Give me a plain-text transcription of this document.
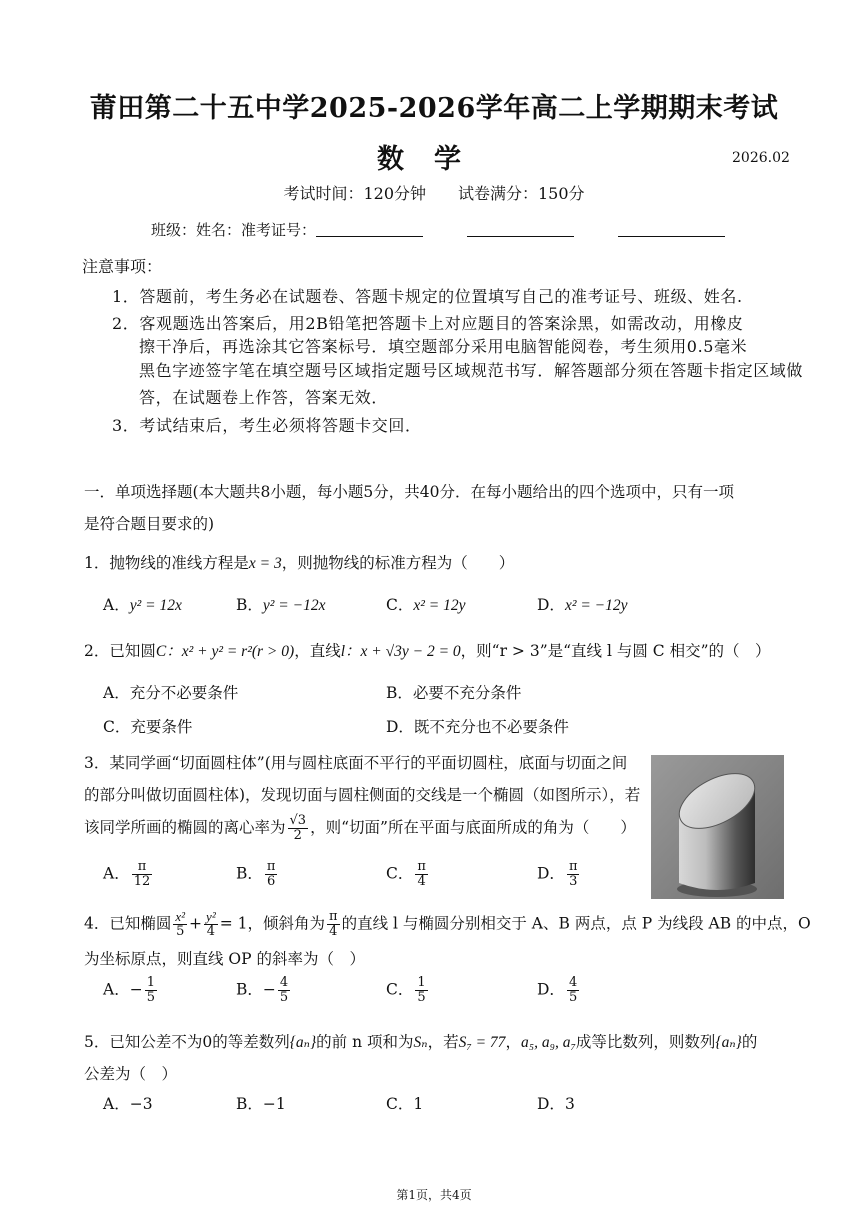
莆田第二十五中学2025-2026学年高二上学期期末考试
数学	2026.02
考试时间：120分钟　　试卷满分：150分
班级：姓名：准考证号：
注意事项：
1．答题前，考生务必在试题卷、答题卡规定的位置填写自己的准考证号、班级、姓名.
2．客观题选出答案后，用2B铅笔把答题卡上对应题目的答案涂黑，如需改动，用橡皮
擦干净后，再选涂其它答案标号．填空题部分采用电脑智能阅卷，考生须用0.5毫米
黑色字迹签字笔在填空题号区域指定题号区域规范书写．解答题部分须在答题卡指定区域做
答，在试题卷上作答，答案无效．
3．考试结束后，考生必须将答题卡交回．
一．单项选择题(本大题共8小题，每小题5分，共40分．在每小题给出的四个选项中，只有一项
是符合题目要求的)
1．抛物线的准线方程是x = 3，则抛物线的标准方程为（　　）
A．y² = 12x	B．y² = −12x	C．x² = 12y	D．x² = −12y
2．已知圆C：x² + y² = r²(r > 0)，直线l：x + √3y − 2 = 0，则“r > 3”是“直线 l 与圆 C 相交”的（　）
A．充分不必要条件	B．必要不充分条件
C．充要条件	D．既不充分也不必要条件
3．某同学画“切面圆柱体”(用与圆柱底面不平行的平面切圆柱，底面与切面之间
的部分叫做切面圆柱体)，发现切面与圆柱侧面的交线是一个椭圆（如图所示），若
该同学所画的椭圆的离心率为 $\frac{√3}{2}$ ，则“切面”所在平面与底面所成的角为（　　）
A． $\frac{\pi}{12}$	B． $\frac{\pi}{6}$	C． $\frac{\pi}{4}$	D． $\frac{\pi}{3}$
4．已知椭圆 $\frac{\text{x²}}{5} + \frac{\text{y²}}{4} = 1$，倾斜角为 $\frac{\pi}{4}$ 的直线 l 与椭圆分别相交于 A、B 两点，点 P 为线段 AB 的中点，O
为坐标原点，则直线 OP 的斜率为（　）
A．− $\frac{1}{5}$	B．− $\frac{4}{5}$	C． $\frac{1}{5}$	D． $\frac{4}{5}$
5．已知公差不为0的等差数列{aₙ}的前 n 项和为Sₙ，若S₇ = 77，a₅, a₉, a₇成等比数列，则数列{aₙ}的
公差为（　）
A．−3	B．−1	C．1	D．3
第1页，共4页
